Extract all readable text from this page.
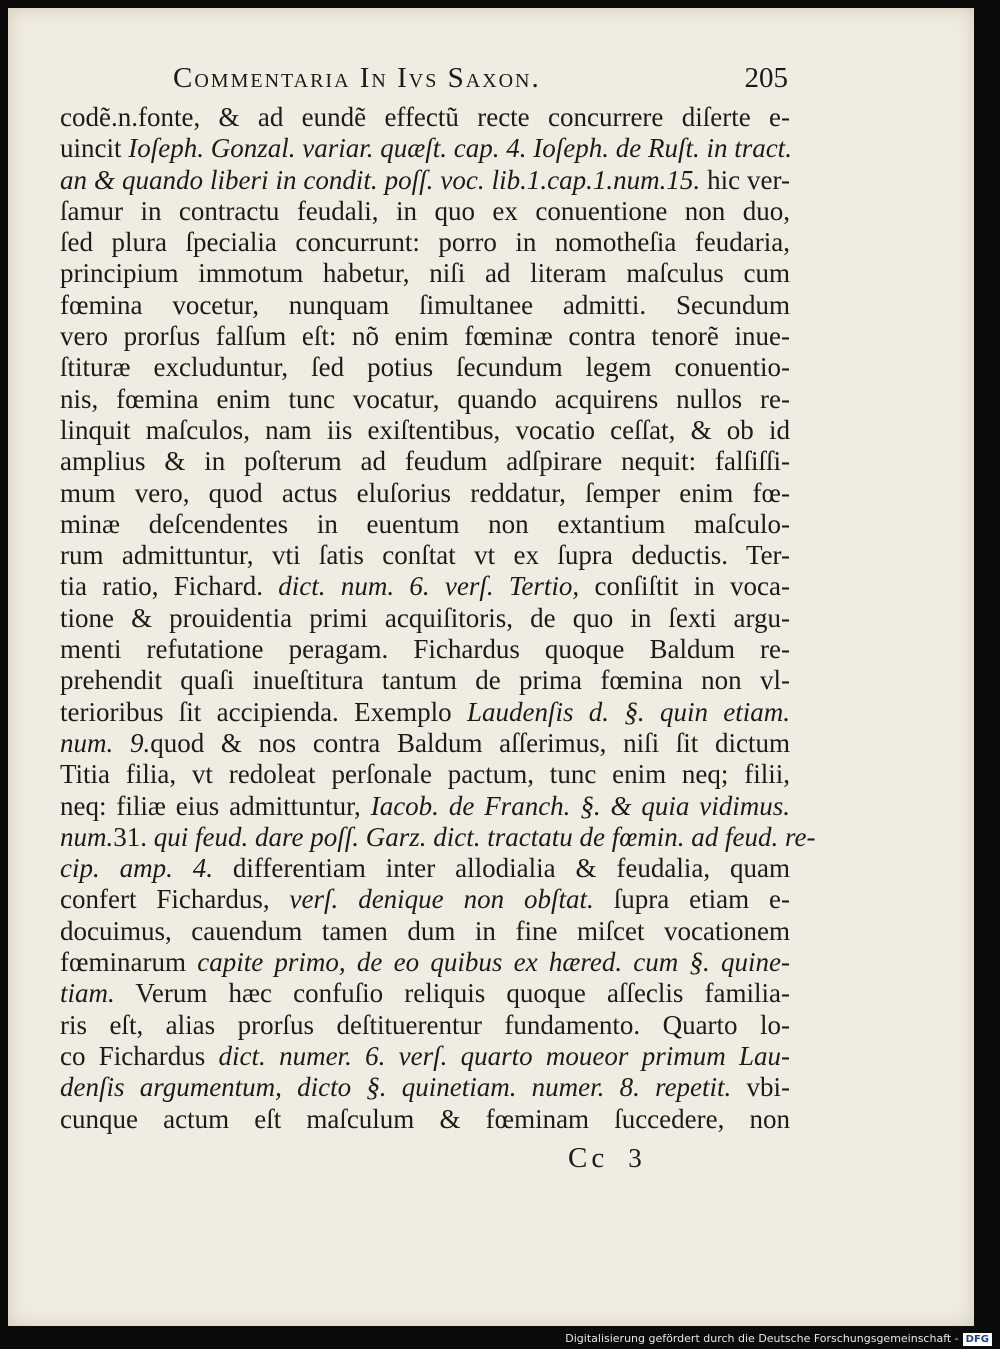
Commentaria In Ivs Saxon.	205
codẽ.n.fonte, & ad eundẽ effectũ recte concurrere diſerte e-
uincit Ioſeph. Gonzal. variar. quæſt. cap. 4. Ioſeph. de Ruſt. in tract.
an & quando liberi in condit. poſſ. voc. lib.1.cap.1.num.15. hic ver-
ſamur in contractu feudali, in quo ex conuentione non duo,
ſed plura ſpecialia concurrunt: porro in nomotheſia feudaria,
principium immotum habetur, niſi ad literam maſculus cum
fœmina vocetur, nunquam ſimultanee admitti. Secundum
vero prorſus falſum eſt: nõ enim fœminæ contra tenorẽ inue-
ſtituræ excluduntur, ſed potius ſecundum legem conuentio-
nis, fœmina enim tunc vocatur, quando acquirens nullos re-
linquit maſculos, nam iis exiſtentibus, vocatio ceſſat, & ob id
amplius & in poſterum ad feudum adſpirare nequit: falſiſſi-
mum vero, quod actus eluſorius reddatur, ſemper enim fœ-
minæ deſcendentes in euentum non extantium maſculo-
rum admittuntur, vti ſatis conſtat vt ex ſupra deductis. Ter-
tia ratio, Fichard. dict. num. 6. verſ. Tertio, conſiſtit in voca-
tione & prouidentia primi acquiſitoris, de quo in ſexti argu-
menti refutatione peragam. Fichardus quoque Baldum re-
prehendit quaſi inueſtitura tantum de prima fœmina non vl-
terioribus ſit accipienda. Exemplo Laudenſis d. §. quin etiam.
num. 9.quod & nos contra Baldum aſſerimus, niſi ſit dictum
Titia filia, vt redoleat perſonale pactum, tunc enim neq; filii,
neq: filiæ eius admittuntur, Iacob. de Franch. §. & quia vidimus.
num.31. qui feud. dare poſſ. Garz. dict. tractatu de fœmin. ad feud. re-
cip. amp. 4. differentiam inter allodialia & feudalia, quam
confert Fichardus, verſ. denique non obſtat. ſupra etiam e-
docuimus, cauendum tamen dum in fine miſcet vocationem
fœminarum capite primo, de eo quibus ex hæred. cum §. quine-
tiam. Verum hæc confuſio reliquis quoque aſſeclis familia-
ris eſt, alias prorſus deſtituerentur fundamento. Quarto lo-
co Fichardus dict. numer. 6. verſ. quarto moueor primum Lau-
denſis argumentum, dicto §. quinetiam. numer. 8. repetit. vbi-
cunque actum eſt maſculum & fœminam ſuccedere, non
Cc 3
Digitalisierung gefördert durch die Deutsche Forschungsgemeinschaft - DFG
